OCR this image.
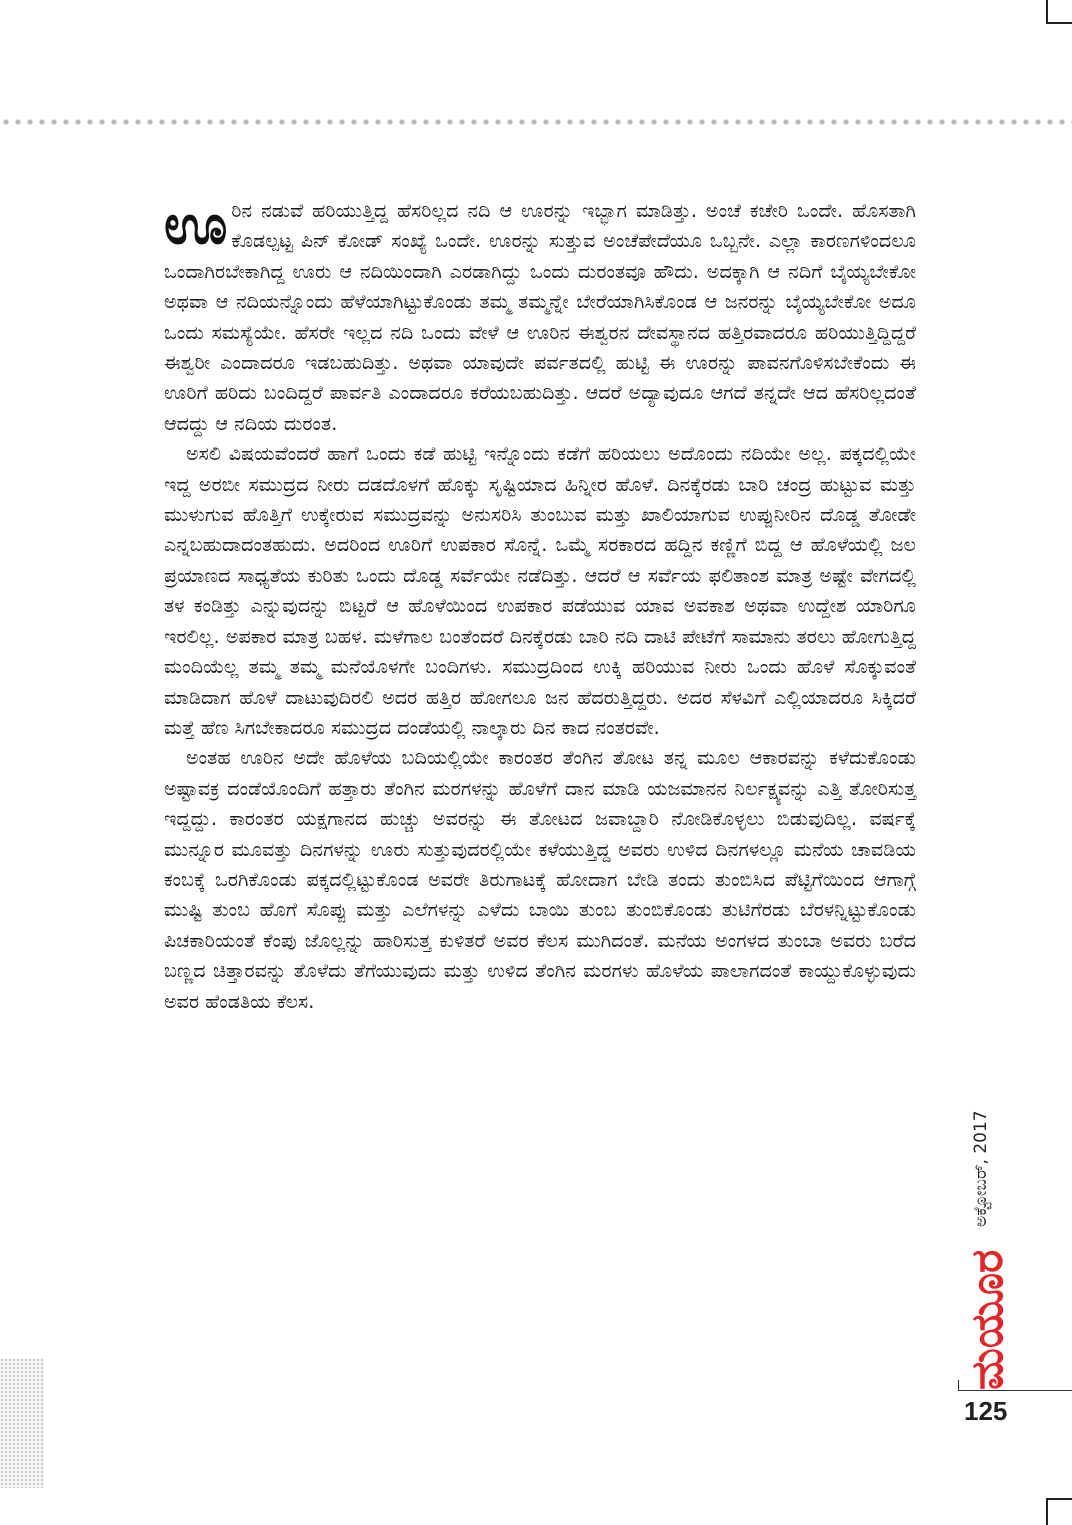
ಊರಿನ ನಡುವೆ ಹರಿಯುತ್ತಿದ್ದ ಹೆಸರಿಲ್ಲದ ನದಿ ಆ ಊರನ್ನು ಇಬ್ಭಾಗ ಮಾಡಿತ್ತು. ಅಂಚೆ ಕಚೇರಿ ಒಂದೇ. ಹೊಸತಾಗಿ ಕೊಡಲ್ಪಟ್ಟ ಪಿನ್ ಕೋಡ್ ಸಂಖ್ಯೆ ಒಂದೇ. ಊರನ್ನು ಸುತ್ತುವ ಅಂಚೆಪೇದೆಯೂ ಒಬ್ಬನೇ. ಎಲ್ಲಾ ಕಾರಣಗಳಿಂದಲೂ ಒಂದಾಗಿರಬೇಕಾಗಿದ್ದ ಊರು ಆ ನದಿಯಿಂದಾಗಿ ಎರಡಾಗಿದ್ದು ಒಂದು ದುರಂತವೂ ಹೌದು. ಅದಕ್ಕಾಗಿ ಆ ನದಿಗೆ ಬೈಯ್ಯಬೇಕೋ ಅಥವಾ ಆ ನದಿಯನ್ನೊಂದು ಹೆಳೆಯಾಗಿಟ್ಟುಕೊಂಡು ತಮ್ಮ ತಮ್ಮನ್ನೇ ಬೇರೆಯಾಗಿಸಿಕೊಂಡ ಆ ಜನರನ್ನು ಬೈಯ್ಯಬೇಕೋ ಅದೂ ಒಂದು ಸಮಸ್ಯೆಯೇ. ಹೆಸರೇ ಇಲ್ಲದ ನದಿ ಒಂದು ವೇಳೆ ಆ ಊರಿನ ಈಶ್ವರನ ದೇವಸ್ಥಾನದ ಹತ್ತಿರವಾದರೂ ಹರಿಯುತ್ತಿದ್ದಿದ್ದರೆ ಈಶ್ವರೀ ಎಂದಾದರೂ ಇಡಬಹುದಿತ್ತು. ಅಥವಾ ಯಾವುದೇ ಪರ್ವತದಲ್ಲಿ ಹುಟ್ಟಿ ಈ ಊರನ್ನು ಪಾವನಗೊಳಿಸಬೇಕೆಂದು ಈ ಊರಿಗೆ ಹರಿದು ಬಂದಿದ್ದರೆ ಪಾರ್ವತಿ ಎಂದಾದರೂ ಕರೆಯಬಹುದಿತ್ತು. ಆದರೆ ಅದ್ಯಾವುದೂ ಆಗದೆ ತನ್ನದೇ ಆದ ಹೆಸರಿಲ್ಲದಂತೆ ಆದದ್ದು ಆ ನದಿಯ ದುರಂತ.

ಅಸಲಿ ವಿಷಯವೆಂದರೆ ಹಾಗೆ ಒಂದು ಕಡೆ ಹುಟ್ಟಿ ಇನ್ನೊಂದು ಕಡೆಗೆ ಹರಿಯಲು ಅದೊಂದು ನದಿಯೇ ಅಲ್ಲ. ಪಕ್ಕದಲ್ಲಿಯೇ ಇದ್ದ ಅರಬೀ ಸಮುದ್ರದ ನೀರು ದಡದೊಳಗೆ ಹೊಕ್ಕು ಸೃಷ್ಟಿಯಾದ ಹಿನ್ನೀರ ಹೊಳೆ. ದಿನಕ್ಕೆರಡು ಬಾರಿ ಚಂದ್ರ ಹುಟ್ಟುವ ಮತ್ತು ಮುಳುಗುವ ಹೊತ್ತಿಗೆ ಉಕ್ಕೇರುವ ಸಮುದ್ರವನ್ನು ಅನುಸರಿಸಿ ತುಂಬುವ ಮತ್ತು ಖಾಲಿಯಾಗುವ ಉಪ್ಪುನೀರಿನ ದೊಡ್ಡ ತೋಡೇ ಎನ್ನಬಹುದಾದಂತಹುದು. ಅದರಿಂದ ಊರಿಗೆ ಉಪಕಾರ ಸೊನ್ನೆ. ಒಮ್ಮೆ ಸರಕಾರದ ಹದ್ದಿನ ಕಣ್ಣಿಗೆ ಬಿದ್ದ ಆ ಹೊಳೆಯಲ್ಲಿ ಜಲ ಪ್ರಯಾಣದ ಸಾಧ್ಯತೆಯ ಕುರಿತು ಒಂದು ದೊಡ್ಡ ಸರ್ವೆಯೇ ನಡೆದಿತ್ತು. ಆದರೆ ಆ ಸರ್ವೆಯ ಫಲಿತಾಂಶ ಮಾತ್ರ ಅಷ್ಟೇ ವೇಗದಲ್ಲಿ ತಳ ಕಂಡಿತ್ತು ಎನ್ನುವುದನ್ನು ಬಿಟ್ಟರೆ ಆ ಹೊಳೆಯಿಂದ ಉಪಕಾರ ಪಡೆಯುವ ಯಾವ ಅವಕಾಶ ಅಥವಾ ಉದ್ದೇಶ ಯಾರಿಗೂ ಇರಲಿಲ್ಲ. ಅಪಕಾರ ಮಾತ್ರ ಬಹಳ. ಮಳೆಗಾಲ ಬಂತೆಂದರೆ ದಿನಕ್ಕೆರಡು ಬಾರಿ ನದಿ ದಾಟಿ ಪೇಟೆಗೆ ಸಾಮಾನು ತರಲು ಹೋಗುತ್ತಿದ್ದ ಮಂದಿಯೆಲ್ಲ ತಮ್ಮ ತಮ್ಮ ಮನೆಯೊಳಗೇ ಬಂದಿಗಳು. ಸಮುದ್ರದಿಂದ ಉಕ್ಕಿ ಹರಿಯುವ ನೀರು ಒಂದು ಹೊಳೆ ಸೊಕ್ಕುವಂತೆ ಮಾಡಿದಾಗ ಹೊಳೆ ದಾಟುವುದಿರಲಿ ಅದರ ಹತ್ತಿರ ಹೋಗಲೂ ಜನ ಹೆದರುತ್ತಿದ್ದರು. ಅದರ ಸೆಳವಿಗೆ ಎಲ್ಲಿಯಾದರೂ ಸಿಕ್ಕಿದರೆ ಮತ್ತೆ ಹೆಣ ಸಿಗಬೇಕಾದರೂ ಸಮುದ್ರದ ದಂಡೆಯಲ್ಲಿ ನಾಲ್ಕಾರು ದಿನ ಕಾದ ನಂತರವೇ.

ಅಂತಹ ಊರಿನ ಅದೇ ಹೊಳೆಯ ಬದಿಯಲ್ಲಿಯೇ ಕಾರಂತರ ತೆಂಗಿನ ತೋಟ ತನ್ನ ಮೂಲ ಆಕಾರವನ್ನು ಕಳೆದುಕೊಂಡು ಅಷ್ಟಾವಕ್ರ ದಂಡೆಯೊಂದಿಗೆ ಹತ್ತಾರು ತೆಂಗಿನ ಮರಗಳನ್ನು ಹೊಳೆಗೆ ದಾನ ಮಾಡಿ ಯಜಮಾನನ ನಿರ್ಲಕ್ಷ್ಯವನ್ನು ಎತ್ತಿ ತೋರಿಸುತ್ತ ಇದ್ದದ್ದು. ಕಾರಂತರ ಯಕ್ಷಗಾನದ ಹುಚ್ಚು ಅವರನ್ನು ಈ ತೋಟದ ಜವಾಬ್ದಾರಿ ನೋಡಿಕೊಳ್ಳಲು ಬಿಡುವುದಿಲ್ಲ. ವರ್ಷಕ್ಕೆ ಮುನ್ನೂರ ಮೂವತ್ತು ದಿನಗಳನ್ನು ಊರು ಸುತ್ತುವುದರಲ್ಲಿಯೇ ಕಳೆಯುತ್ತಿದ್ದ ಅವರು ಉಳಿದ ದಿನಗಳಲ್ಲೂ ಮನೆಯ ಚಾವಡಿಯ ಕಂಬಕ್ಕೆ ಒರಗಿಕೊಂಡು ಪಕ್ಕದಲ್ಲಿಟ್ಟುಕೊಂಡ ಅವರೇ ತಿರುಗಾಟಕ್ಕೆ ಹೋದಾಗ ಬೇಡಿ ತಂದು ತುಂಬಿಸಿದ ಪೆಟ್ಟಿಗೆಯಿಂದ ಆಗಾಗ್ಗೆ ಮುಷ್ಟಿ ತುಂಬ ಹೊಗೆ ಸೊಪ್ಪು ಮತ್ತು ಎಲೆಗಳನ್ನು ಎಳೆದು ಬಾಯಿ ತುಂಬ ತುಂಬಿಕೊಂಡು ತುಟಿಗೆರಡು ಬೆರಳನ್ನಿಟ್ಟುಕೊಂಡು ಪಿಚಕಾರಿಯಂತೆ ಕೆಂಪು ಜೊಲ್ಲನ್ನು ಹಾರಿಸುತ್ತ ಕುಳಿತರೆ ಅವರ ಕೆಲಸ ಮುಗಿದಂತೆ. ಮನೆಯ ಅಂಗಳದ ತುಂಬಾ ಅವರು ಬರೆದ ಬಣ್ಣದ ಚಿತ್ತಾರವನ್ನು ತೊಳೆದು ತೆಗೆಯುವುದು ಮತ್ತು ಉಳಿದ ತೆಂಗಿನ ಮರಗಳು ಹೊಳೆಯ ಪಾಲಾಗದಂತೆ ಕಾಯ್ದುಕೊಳ್ಳುವುದು ಅವರ ಹೆಂಡತಿಯ ಕೆಲಸ.

ಅಕ್ಟೋಬರ್, 2017
ಮಯೂರ
125
